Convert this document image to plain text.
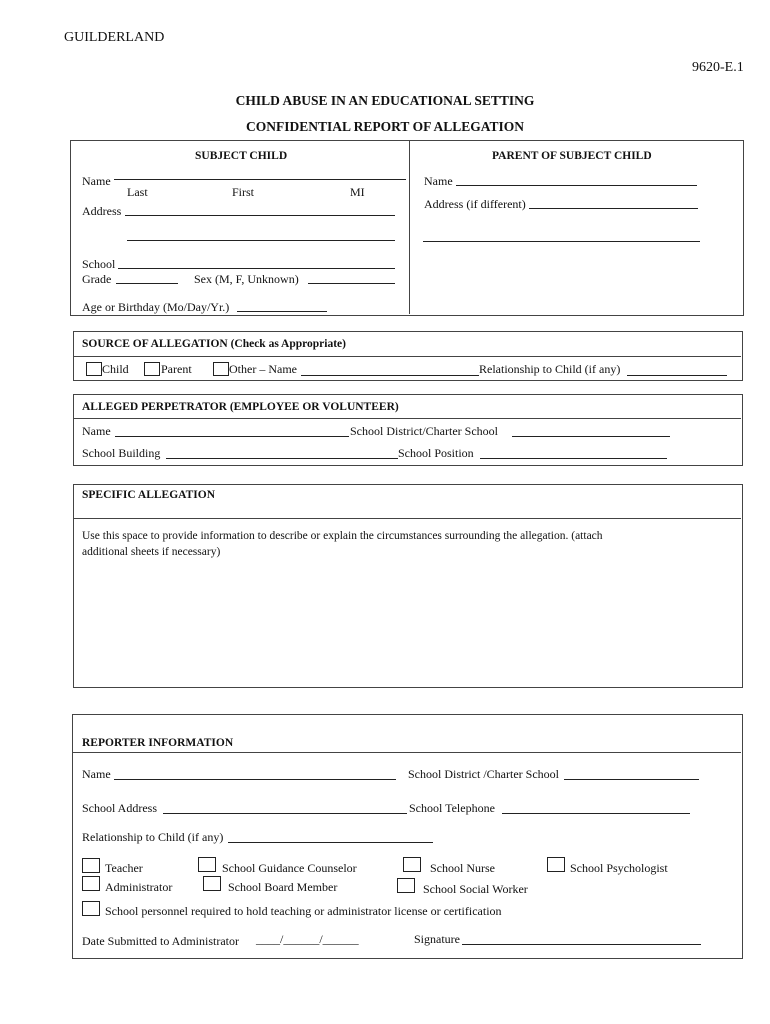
GUILDERLAND
9620-E.1
CHILD ABUSE IN AN EDUCATIONAL SETTING
CONFIDENTIAL REPORT OF ALLEGATION
SUBJECT CHILD	PARENT OF SUBJECT CHILD
Name
Last	First	MI
Address
School
Grade	Sex (M, F, Unknown)
Age or Birthday (Mo/Day/Yr.)
Name
Address (if different)
SOURCE OF ALLEGATION (Check as Appropriate)
Child	Parent	Other – Name	Relationship to Child (if any)
ALLEGED PERPETRATOR (EMPLOYEE OR VOLUNTEER)
Name	School District/Charter School
School Building	School Position
SPECIFIC ALLEGATION
Use this space to provide information to describe or explain the circumstances surrounding the allegation. (attach
additional sheets if necessary)
REPORTER INFORMATION
Name	School District /Charter School
School Address	School Telephone
Relationship to Child (if any)
Teacher	School Guidance Counselor	School Nurse	School Psychologist
Administrator	School Board Member	School Social Worker
School personnel required to hold teaching or administrator license or certification
Date Submitted to Administrator ____/______/______	Signature
